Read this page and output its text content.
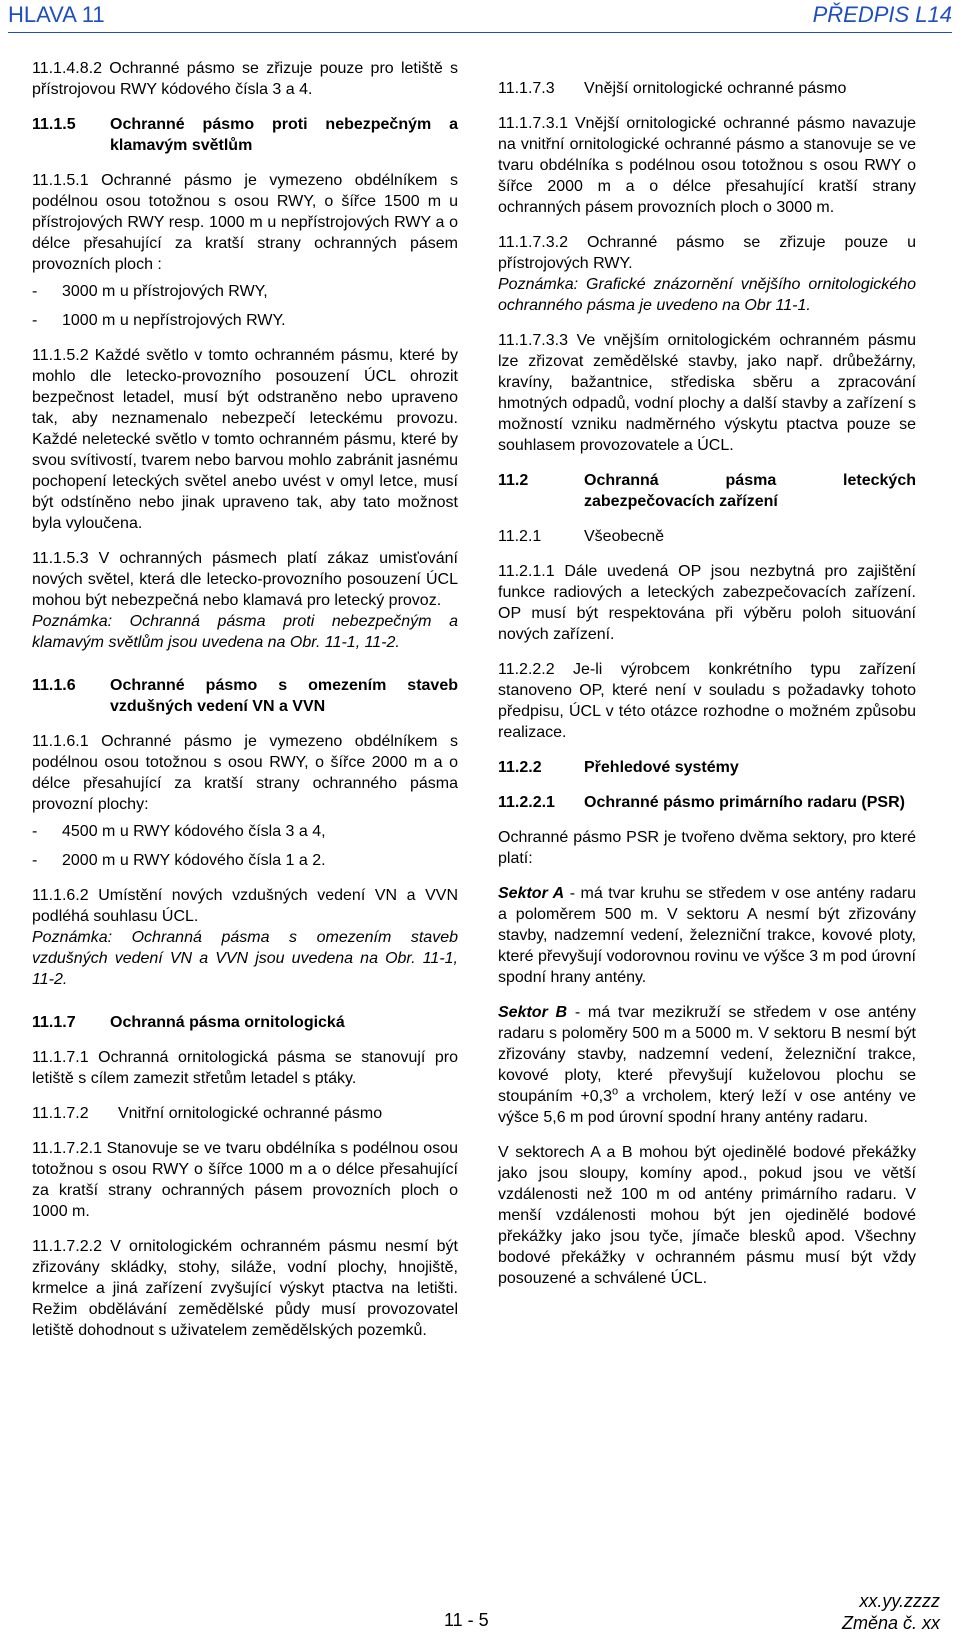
HLAVA 11	PŘEDPIS L14

11.1.4.8.2 Ochranné pásmo se zřizuje pouze pro letiště s přístrojovou RWY kódového čísla 3 a 4.

11.1.5	Ochranné pásmo proti nebezpečným a klamavým světlům

11.1.5.1 Ochranné pásmo je vymezeno obdélníkem s podélnou osou totožnou s osou RWY, o šířce 1500 m u přístrojových RWY resp. 1000 m u nepřístrojových RWY a o délce přesahující za kratší strany ochranných pásem provozních ploch :

-	3000 m u přístrojových RWY,
-	1000 m u nepřístrojových RWY.

11.1.5.2 Každé světlo v tomto ochranném pásmu, které by mohlo dle letecko-provozního posouzení ÚCL ohrozit bezpečnost letadel, musí být odstraněno nebo upraveno tak, aby neznamenalo nebezpečí leteckému provozu. Každé neletecké světlo v tomto ochranném pásmu, které by svou svítivostí, tvarem nebo barvou mohlo zabránit jasnému pochopení leteckých světel anebo uvést v omyl letce, musí být odstíněno nebo jinak upraveno tak, aby tato možnost byla vyloučena.

11.1.5.3 V ochranných pásmech platí zákaz umisťování nových světel, která dle letecko-provozního posouzení ÚCL mohou být nebezpečná nebo klamavá pro letecký provoz.

Poznámka: Ochranná pásma proti nebezpečným a klamavým světlům jsou uvedena na Obr. 11-1, 11-2.

11.1.6	Ochranné pásmo s omezením staveb vzdušných vedení VN a VVN

11.1.6.1 Ochranné pásmo je vymezeno obdélníkem s podélnou osou totožnou s osou RWY, o šířce 2000 m a o délce přesahující za kratší strany ochranného pásma provozní plochy:

-	4500 m u RWY kódového čísla 3 a 4,
-	2000 m u RWY kódového čísla 1 a 2.

11.1.6.2 Umístění nových vzdušných vedení VN a VVN podléhá souhlasu ÚCL.

Poznámka: Ochranná pásma s omezením staveb vzdušných vedení VN a VVN jsou uvedena na Obr. 11-1, 11-2.

11.1.7	Ochranná pásma ornitologická

11.1.7.1 Ochranná ornitologická pásma se stanovují pro letiště s cílem zamezit střetům letadel s ptáky.

11.1.7.2	Vnitřní ornitologické ochranné pásmo

11.1.7.2.1 Stanovuje se ve tvaru obdélníka s podélnou osou totožnou s osou RWY o šířce 1000 m a o délce přesahující za kratší strany ochranných pásem provozních ploch o 1000 m.

11.1.7.2.2 V ornitologickém ochranném pásmu nesmí být zřizovány skládky, stohy, siláže, vodní plochy, hnojiště, krmelce a jiná zařízení zvyšující výskyt ptactva na letišti. Režim obdělávání zemědělské půdy musí provozovatel letiště dohodnout s uživatelem zemědělských pozemků.

11.1.7.3	Vnější ornitologické ochranné pásmo

11.1.7.3.1 Vnější ornitologické ochranné pásmo navazuje na vnitřní ornitologické ochranné pásmo a stanovuje se ve tvaru obdélníka s podélnou osou totožnou s osou RWY o šířce 2000 m a o délce přesahující kratší strany ochranných pásem provozních ploch o 3000 m.

11.1.7.3.2 Ochranné pásmo se zřizuje pouze u přístrojových RWY.

Poznámka: Grafické znázornění vnějšího ornitologického ochranného pásma je uvedeno na Obr 11-1.

11.1.7.3.3 Ve vnějším ornitologickém ochranném pásmu lze zřizovat zemědělské stavby, jako např. drůbežárny, kravíny, bažantnice, střediska sběru a zpracování hmotných odpadů, vodní plochy a další stavby a zařízení s možností vzniku nadměrného výskytu ptactva pouze se souhlasem provozovatele a ÚCL.

11.2	Ochranná pásma leteckých zabezpečovacích zařízení
11.2.1	Všeobecně

11.2.1.1 Dále uvedená OP jsou nezbytná pro zajištění funkce radiových a leteckých zabezpečovacích zařízení. OP musí být respektována při výběru poloh situování nových zařízení.

11.2.2.2 Je-li výrobcem konkrétního typu zařízení stanoveno OP, které není v souladu s požadavky tohoto předpisu, ÚCL v této otázce rozhodne o možném způsobu realizace.

11.2.2	Přehledové systémy
11.2.2.1	Ochranné pásmo primárního radaru (PSR)

Ochranné pásmo PSR je tvořeno dvěma sektory, pro které platí:

Sektor A - má tvar kruhu se středem v ose antény radaru a poloměrem 500 m. V sektoru A nesmí být zřizovány stavby, nadzemní vedení, železniční trakce, kovové ploty, které převyšují vodorovnou rovinu ve výšce 3 m pod úrovní spodní hrany antény.

Sektor B - má tvar mezikruží se středem v ose antény radaru s poloměry 500 m a 5000 m. V sektoru B nesmí být zřizovány stavby, nadzemní vedení, železniční trakce, kovové ploty, které převyšují kuželovou plochu se stoupáním $+0,3^o$ a vrcholem, který leží v ose antény ve výšce 5,6 m pod úrovní spodní hrany antény radaru.

V sektorech A a B mohou být ojedinělé bodové překážky jako jsou sloupy, komíny apod., pokud jsou ve větší vzdálenosti než 100 m od antény primárního radaru. V menší vzdálenosti mohou být jen ojedinělé bodové překážky jako jsou tyče, jímače blesků apod. Všechny bodové překážky v ochranném pásmu musí být vždy posouzené a schválené ÚCL.

11 - 5
xx.yy.zzzz
Změna č. xx
